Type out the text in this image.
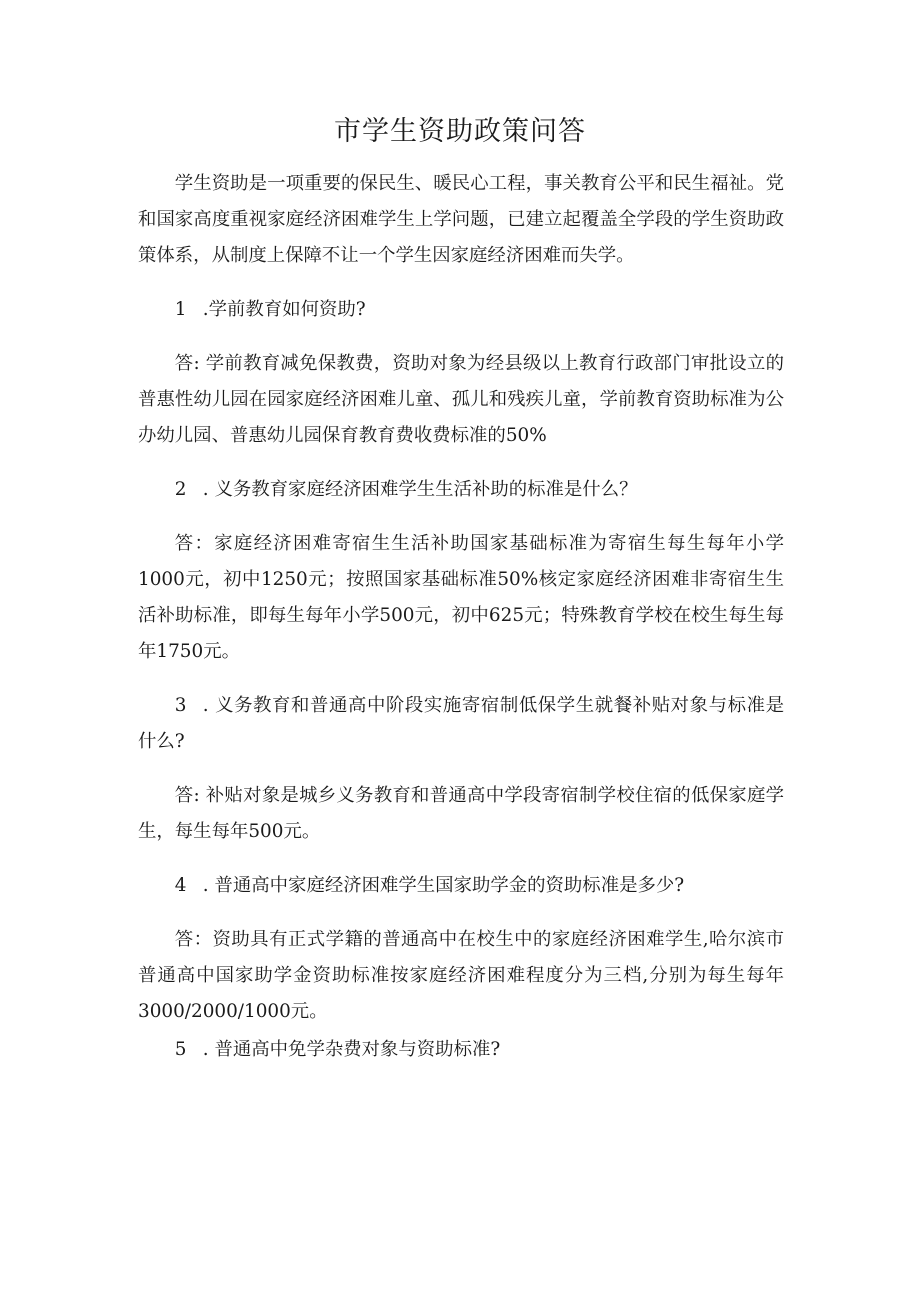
市学生资助政策问答

学生资助是一项重要的保民生、暖民心工程，事关教育公平和民生福祉。党和国家高度重视家庭经济困难学生上学问题，已建立起覆盖全学段的学生资助政策体系，从制度上保障不让一个学生因家庭经济困难而失学。

1 .学前教育如何资助?

答: 学前教育减免保教费，资助对象为经县级以上教育行政部门审批设立的普惠性幼儿园在园家庭经济困难儿童、孤儿和残疾儿童，学前教育资助标准为公办幼儿园、普惠幼儿园保育教育费收费标准的50%

2 . 义务教育家庭经济困难学生生活补助的标准是什么？

答：家庭经济困难寄宿生生活补助国家基础标准为寄宿生每生每年小学1000元，初中1250元；按照国家基础标准50%核定家庭经济困难非寄宿生生活补助标准，即每生每年小学500元，初中625元；特殊教育学校在校生每生每年1750元。

3 . 义务教育和普通高中阶段实施寄宿制低保学生就餐补贴对象与标准是什么?

答: 补贴对象是城乡义务教育和普通高中学段寄宿制学校住宿的低保家庭学生，每生每年500元。

4 . 普通高中家庭经济困难学生国家助学金的资助标准是多少?

答：资助具有正式学籍的普通高中在校生中的家庭经济困难学生,哈尔滨市普通高中国家助学金资助标准按家庭经济困难程度分为三档,分别为每生每年3000/2000/1000元。

5 . 普通高中免学杂费对象与资助标准?
